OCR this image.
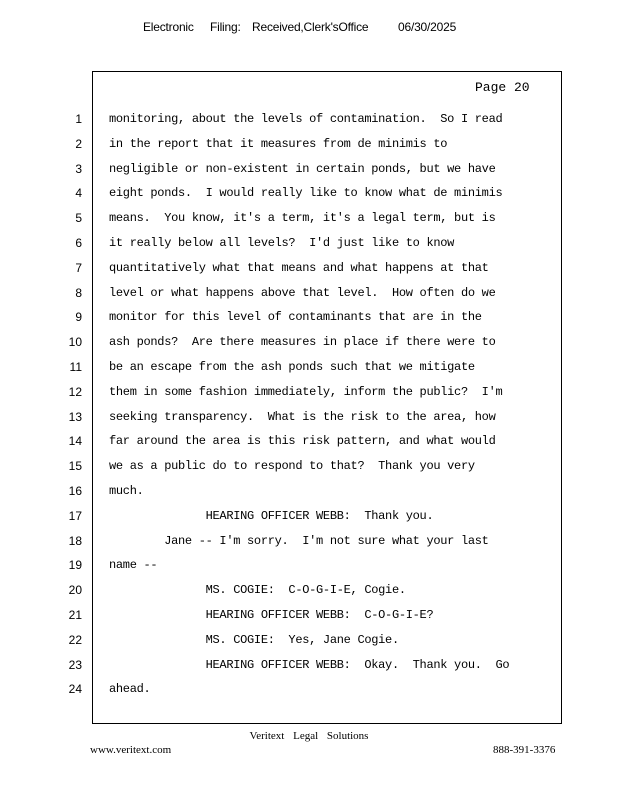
Electronic Filing: Received,Clerk'sOffice 06/30/2025
Page 20
1
2
3
4
5
6
7
8
9
10
11
12
13
14
15
16
17
18
19
20
21
22
23
24
monitoring, about the levels of contamination.  So I read
in the report that it measures from de minimis to
negligible or non-existent in certain ponds, but we have
eight ponds.  I would really like to know what de minimis
means.  You know, it's a term, it's a legal term, but is
it really below all levels?  I'd just like to know
quantitatively what that means and what happens at that
level or what happens above that level.  How often do we
monitor for this level of contaminants that are in the
ash ponds?  Are there measures in place if there were to
be an escape from the ash ponds such that we mitigate
them in some fashion immediately, inform the public?  I'm
seeking transparency.  What is the risk to the area, how
far around the area is this risk pattern, and what would
we as a public do to respond to that?  Thank you very
much.
HEARING OFFICER WEBB:  Thank you.
Jane -- I'm sorry.  I'm not sure what your last
name --
MS. COGIE:  C-O-G-I-E, Cogie.
HEARING OFFICER WEBB:  C-O-G-I-E?
MS. COGIE:  Yes, Jane Cogie.
HEARING OFFICER WEBB:  Okay.  Thank you.  Go
ahead.
Veritext Legal Solutions
www.veritext.com	888-391-3376
